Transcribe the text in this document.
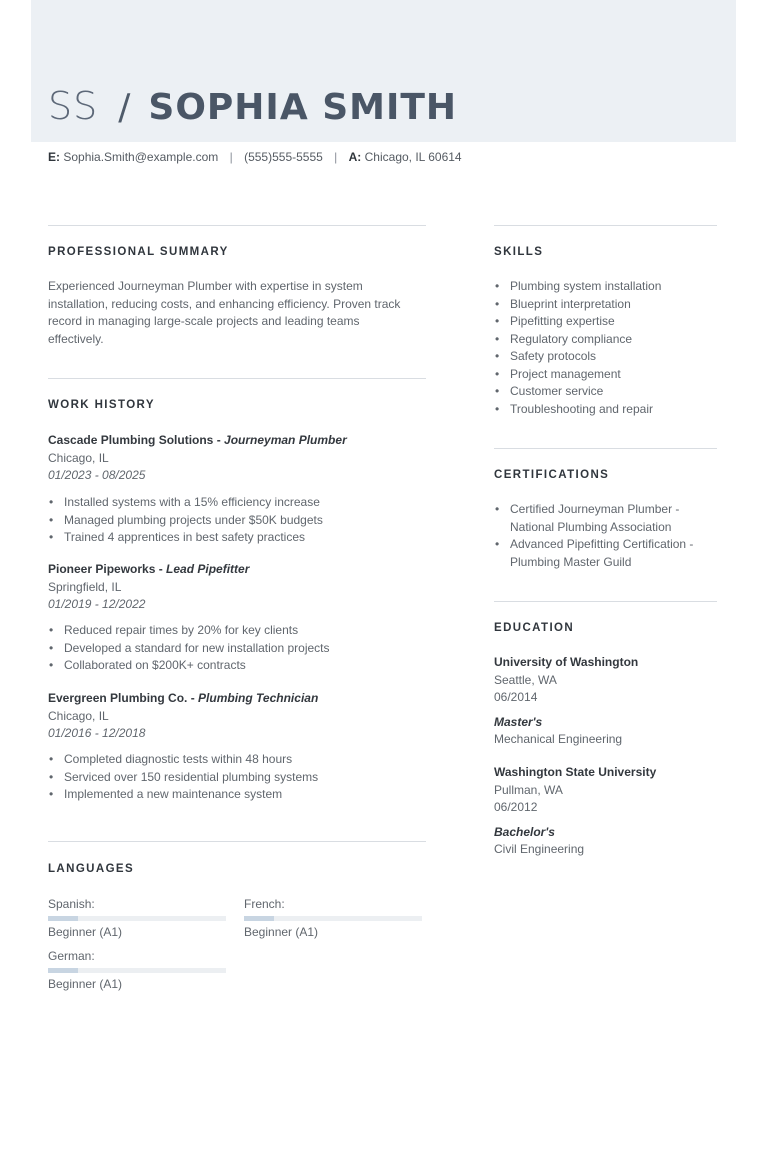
SS / SOPHIA SMITH
E: Sophia.Smith@example.com | (555)555-5555 | A: Chicago, IL 60614
PROFESSIONAL SUMMARY
Experienced Journeyman Plumber with expertise in system
installation, reducing costs, and enhancing efficiency. Proven track
record in managing large-scale projects and leading teams
effectively.
WORK HISTORY
Cascade Plumbing Solutions - Journeyman Plumber
Chicago, IL
01/2023 - 08/2025
• Installed systems with a 15% efficiency increase
• Managed plumbing projects under $50K budgets
• Trained 4 apprentices in best safety practices
Pioneer Pipeworks - Lead Pipefitter
Springfield, IL
01/2019 - 12/2022
• Reduced repair times by 20% for key clients
• Developed a standard for new installation projects
• Collaborated on $200K+ contracts
Evergreen Plumbing Co. - Plumbing Technician
Chicago, IL
01/2016 - 12/2018
• Completed diagnostic tests within 48 hours
• Serviced over 150 residential plumbing systems
• Implemented a new maintenance system
LANGUAGES
Spanish:
Beginner (A1)
French:
Beginner (A1)
German:
Beginner (A1)
SKILLS
• Plumbing system installation
• Blueprint interpretation
• Pipefitting expertise
• Regulatory compliance
• Safety protocols
• Project management
• Customer service
• Troubleshooting and repair
CERTIFICATIONS
• Certified Journeyman Plumber -
National Plumbing Association
• Advanced Pipefitting Certification -
Plumbing Master Guild
EDUCATION
University of Washington
Seattle, WA
06/2014
Master's
Mechanical Engineering
Washington State University
Pullman, WA
06/2012
Bachelor's
Civil Engineering
